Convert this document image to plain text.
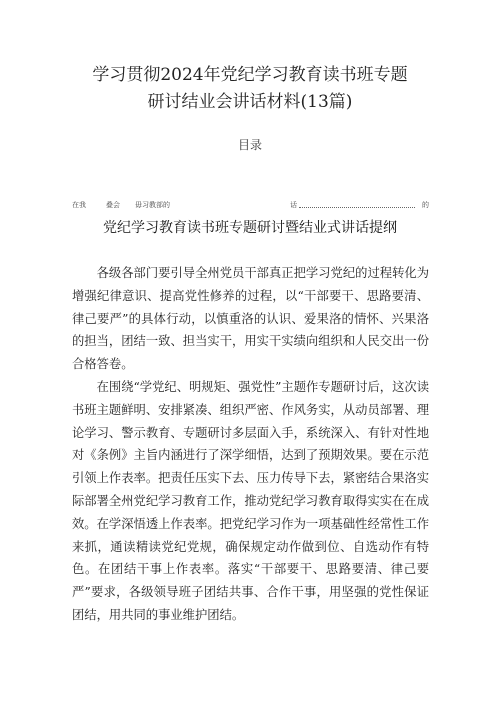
学习贯彻2024年党纪学习教育读书班专题
研讨结业会讲话材料(13篇)
目录
在我	叠会 毋习教部的	话	的
党纪学习教育读书班专题研讨暨结业式讲话提纲

各级各部门要引导全州党员干部真正把学习党纪的过程转化为增强纪律意识、提高党性修养的过程，以“干部要干、思路要清、律己要严”的具体行动，以慎重洛的认识、爱果洛的情怀、兴果洛的担当，团结一致、担当实干，用实干实绩向组织和人民交出一份合格答卷。

在围绕“学党纪、明规矩、强党性”主题作专题研讨后，这次读书班主题鲜明、安排紧凑、组织严密、作风务实，从动员部署、理论学习、警示教育、专题研讨多层面入手，系统深入、有针对性地对《条例》主旨内涵进行了深学细悟，达到了预期效果。要在示范引领上作表率。把责任压实下去、压力传导下去，紧密结合果洛实际部署全州党纪学习教育工作，推动党纪学习教育取得实实在在成效。在学深悟透上作表率。把党纪学习作为一项基础性经常性工作来抓，通读精读党纪党规，确保规定动作做到位、自选动作有特色。在团结干事上作表率。落实“干部要干、思路要清、律己要严”要求，各级领导班子团结共事、合作干事，用坚强的党性保证团结，用共同的事业维护团结。
